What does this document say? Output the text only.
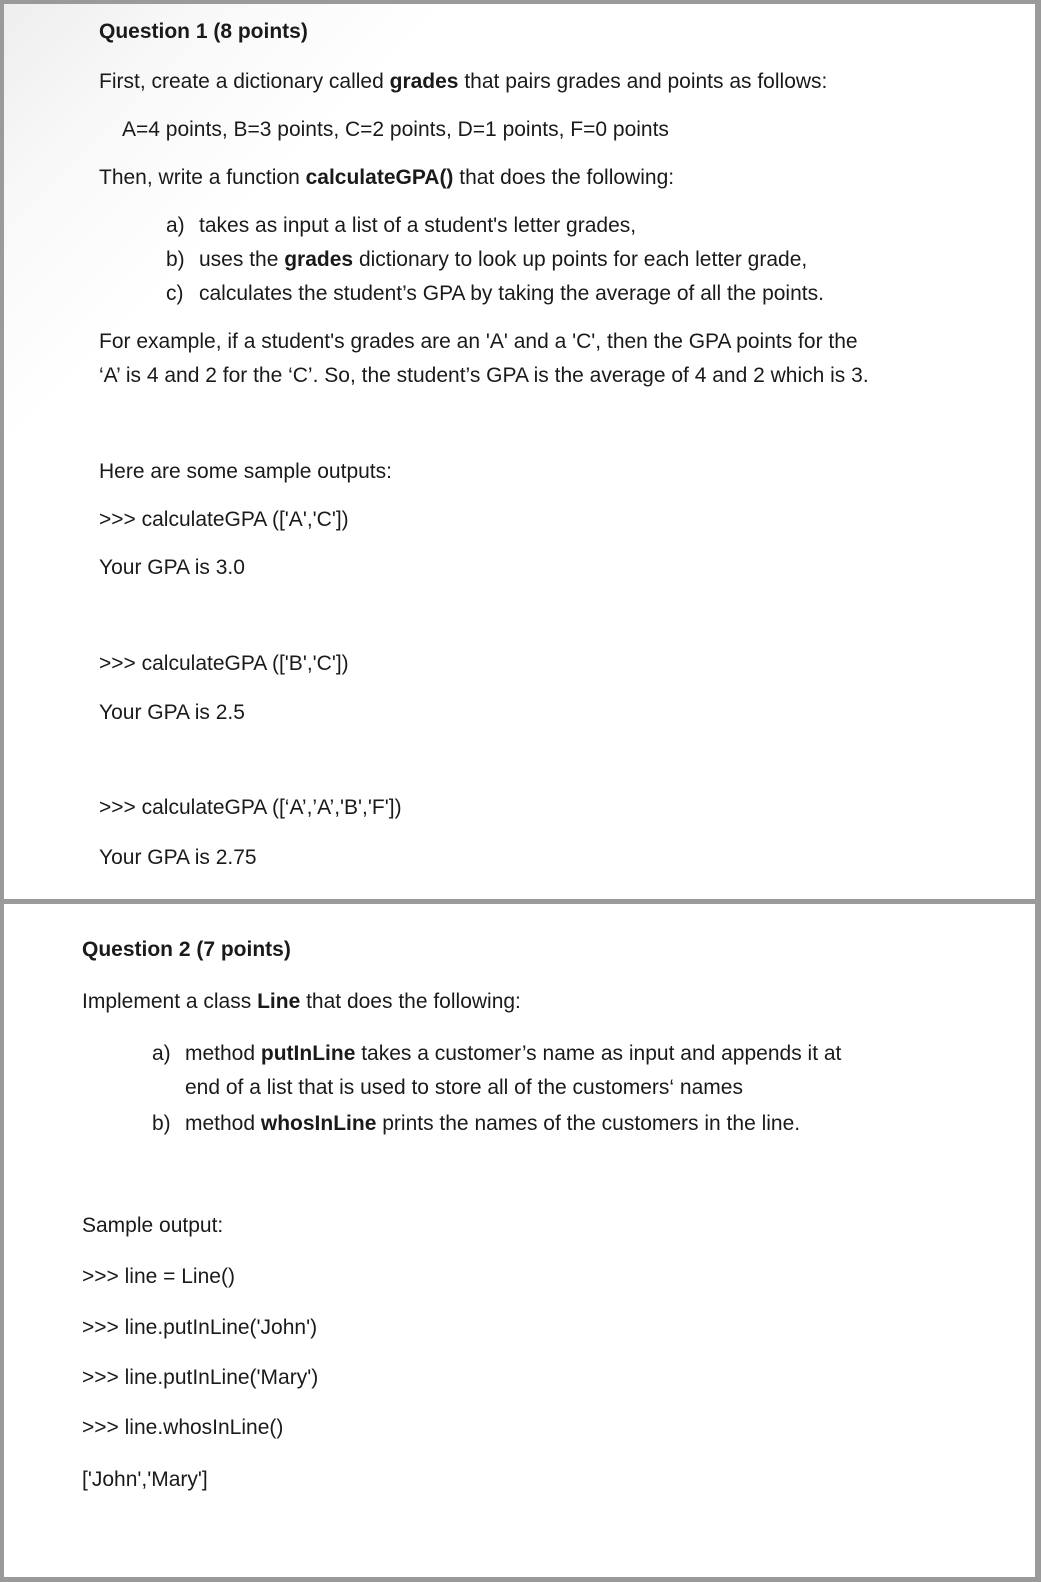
Question 1 (8 points)
First, create a dictionary called grades that pairs grades and points as follows:
A=4 points, B=3 points, C=2 points, D=1 points, F=0 points
Then, write a function calculateGPA() that does the following:
a) takes as input a list of a student's letter grades,
b) uses the grades dictionary to look up points for each letter grade,
c) calculates the student’s GPA by taking the average of all the points.
For example, if a student's grades are an 'A' and a 'C', then the GPA points for the
‘A’ is 4 and 2 for the ‘C’. So, the student’s GPA is the average of 4 and 2 which is 3.
Here are some sample outputs:
>>> calculateGPA (['A','C'])
Your GPA is 3.0
>>> calculateGPA (['B','C'])
Your GPA is 2.5
>>> calculateGPA ([‘A’,’A’,'B','F'])
Your GPA is 2.75
Question 2 (7 points)
Implement a class Line that does the following:
a) method putInLine takes a customer’s name as input and appends it at
end of a list that is used to store all of the customers‘ names
b) method whosInLine prints the names of the customers in the line.
Sample output:
>>> line = Line()
>>> line.putInLine('John')
>>> line.putInLine('Mary')
>>> line.whosInLine()
['John','Mary']
